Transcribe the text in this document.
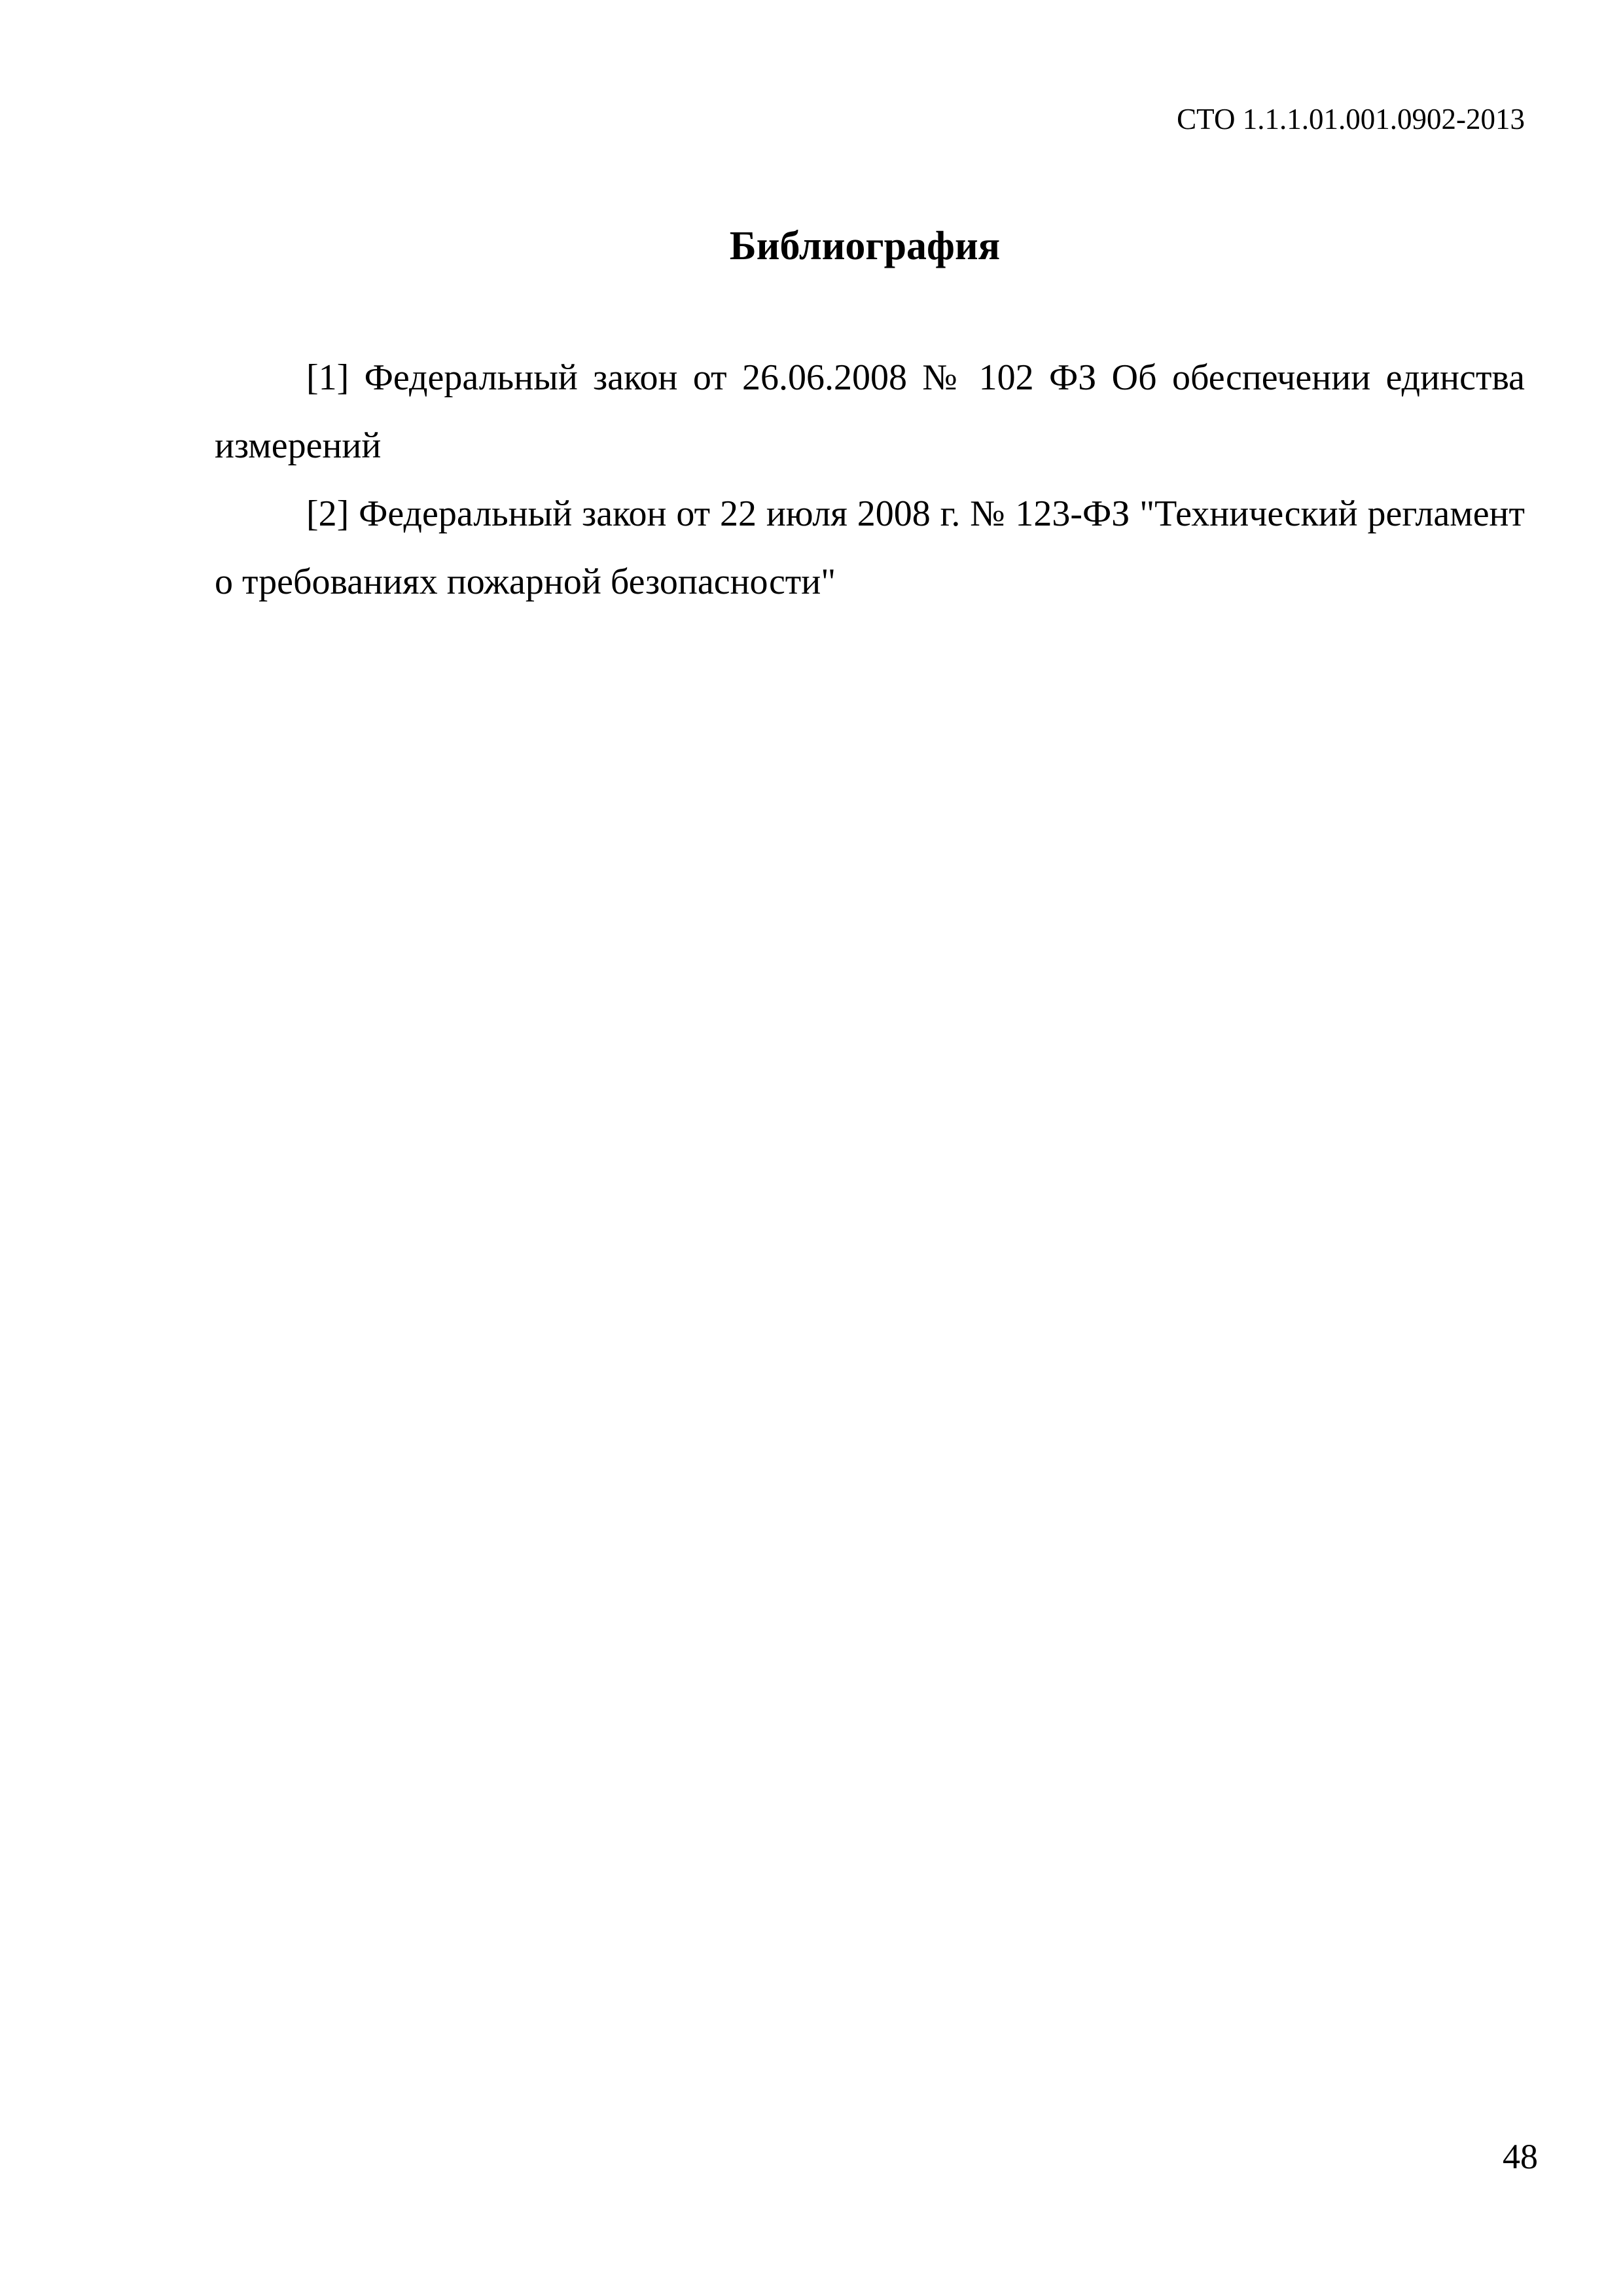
СТО 1.1.1.01.001.0902-2013
Библиография

[1] Федеральный закон от 26.06.2008 № 102 ФЗ Об обеспечении единства измерений

[2] Федеральный закон от 22 июля 2008 г. № 123-ФЗ "Технический регламент о требованиях пожарной безопасности"

48
